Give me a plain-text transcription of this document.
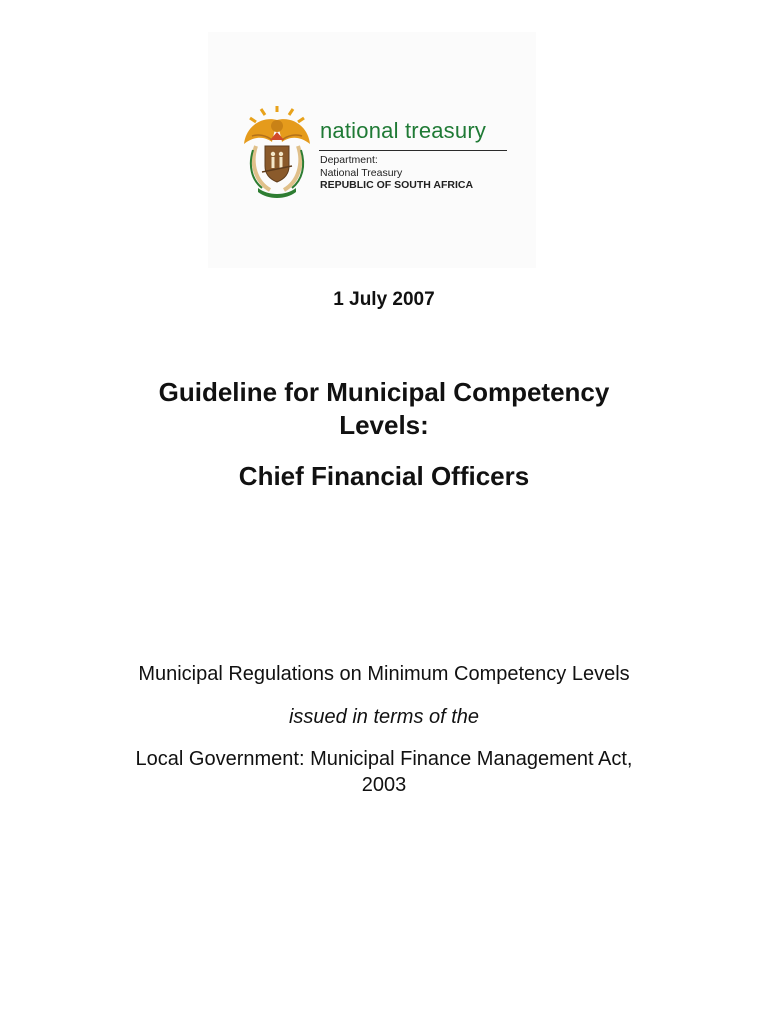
national treasury
Department:
National Treasury
REPUBLIC OF SOUTH AFRICA
1 July 2007
Guideline for Municipal Competency
Levels:
Chief Financial Officers
Municipal Regulations on Minimum Competency Levels
issued in terms of the
Local Government: Municipal Finance Management Act,
2003
